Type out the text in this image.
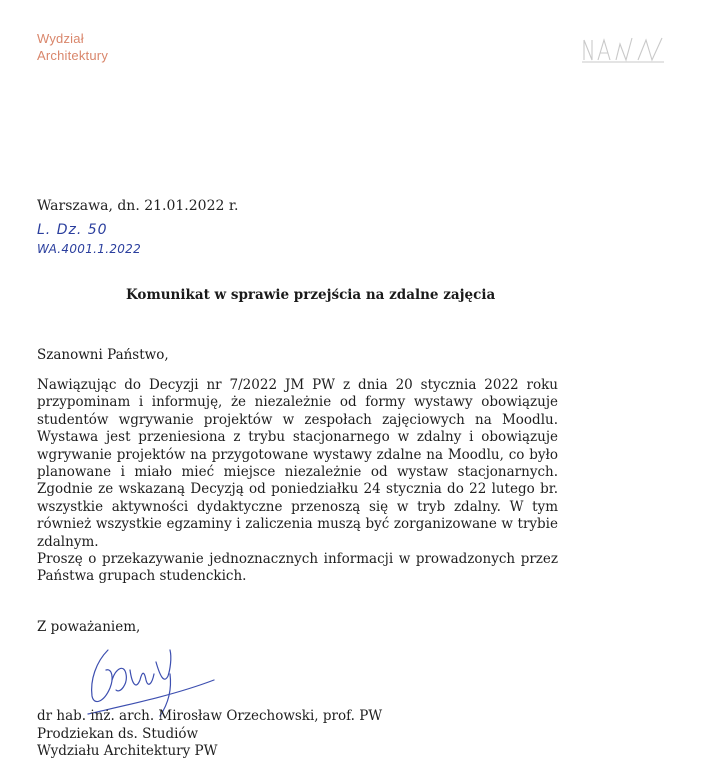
Wydział
Architektury
Warszawa, dn. 21.01.2022 r.
L. Dz. 50
WA.4001.1.2022
Komunikat w sprawie przejścia na zdalne zajęcia
Szanowni Państwo,

Nawiązując do Decyzji nr 7/2022 JM PW z dnia 20 stycznia 2022 roku przypominam i informuję, że niezależnie od formy wystawy obowiązuje studentów wgrywanie projektów w zespołach zajęciowych na Moodlu. Wystawa jest przeniesiona z trybu stacjonarnego w zdalny i obowiązuje wgrywanie projektów na przygotowane wystawy zdalne na Moodlu, co było planowane i miało mieć miejsce niezależnie od wystaw stacjonarnych. Zgodnie ze wskazaną Decyzją od poniedziałku 24 stycznia do 22 lutego br. wszystkie aktywności dydaktyczne przenoszą się w tryb zdalny. W tym również wszystkie egzaminy i zaliczenia muszą być zorganizowane w trybie zdalnym.

Proszę o przekazywanie jednoznacznych informacji w prowadzonych przez Państwa grupach studenckich.

Z poważaniem,
dr hab. inż. arch. Mirosław Orzechowski, prof. PW
Prodziekan ds. Studiów
Wydziału Architektury PW
